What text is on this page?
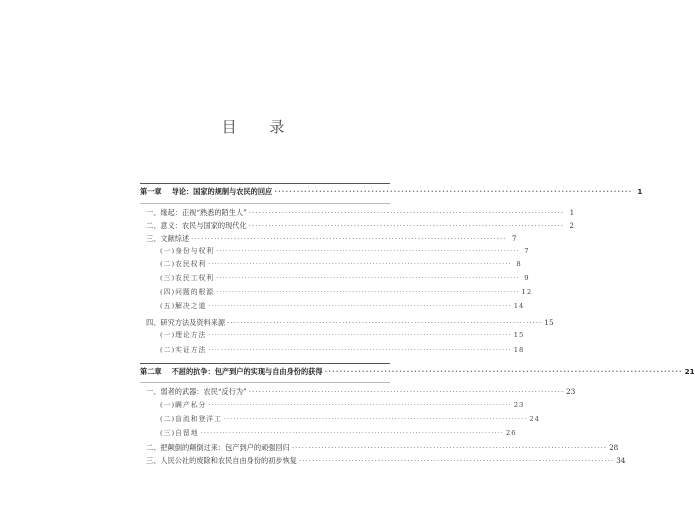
目 录
第一章 导论：国家的规制与农民的回应 ································································································ 1
一、缘起：正视“熟悉的陌生人” ································································································ 1
二、意义：农民与国家的现代化 ································································································ 2
三、文献综述 ································································································ 7
(一)身份与权利 ································································································ 7
(二)农民权利 ································································································ 8
(三)农民工权利 ································································································ 9
(四)问题的根源 ································································································ 12
(五)解决之道 ································································································ 14
四、研究方法及资料来源 ································································································ 15
(一)理论方法 ································································································ 15
(二)实证方法 ································································································ 18
第二章 不屈的抗争：包产到户的实现与自由身份的获得 ································································································ 21
一、弱者的武器：农民“反行为” ································································································ 23
(一)瞒产私分 ································································································ 23
(二)盲流和登洋工 ································································································ 24
(三)自留地 ································································································ 26
二、把颠倒的颠倒过来：包产到户的顽强回归 ································································································ 28
三、人民公社的废除和农民自由身份的初步恢复 ································································································ 34
